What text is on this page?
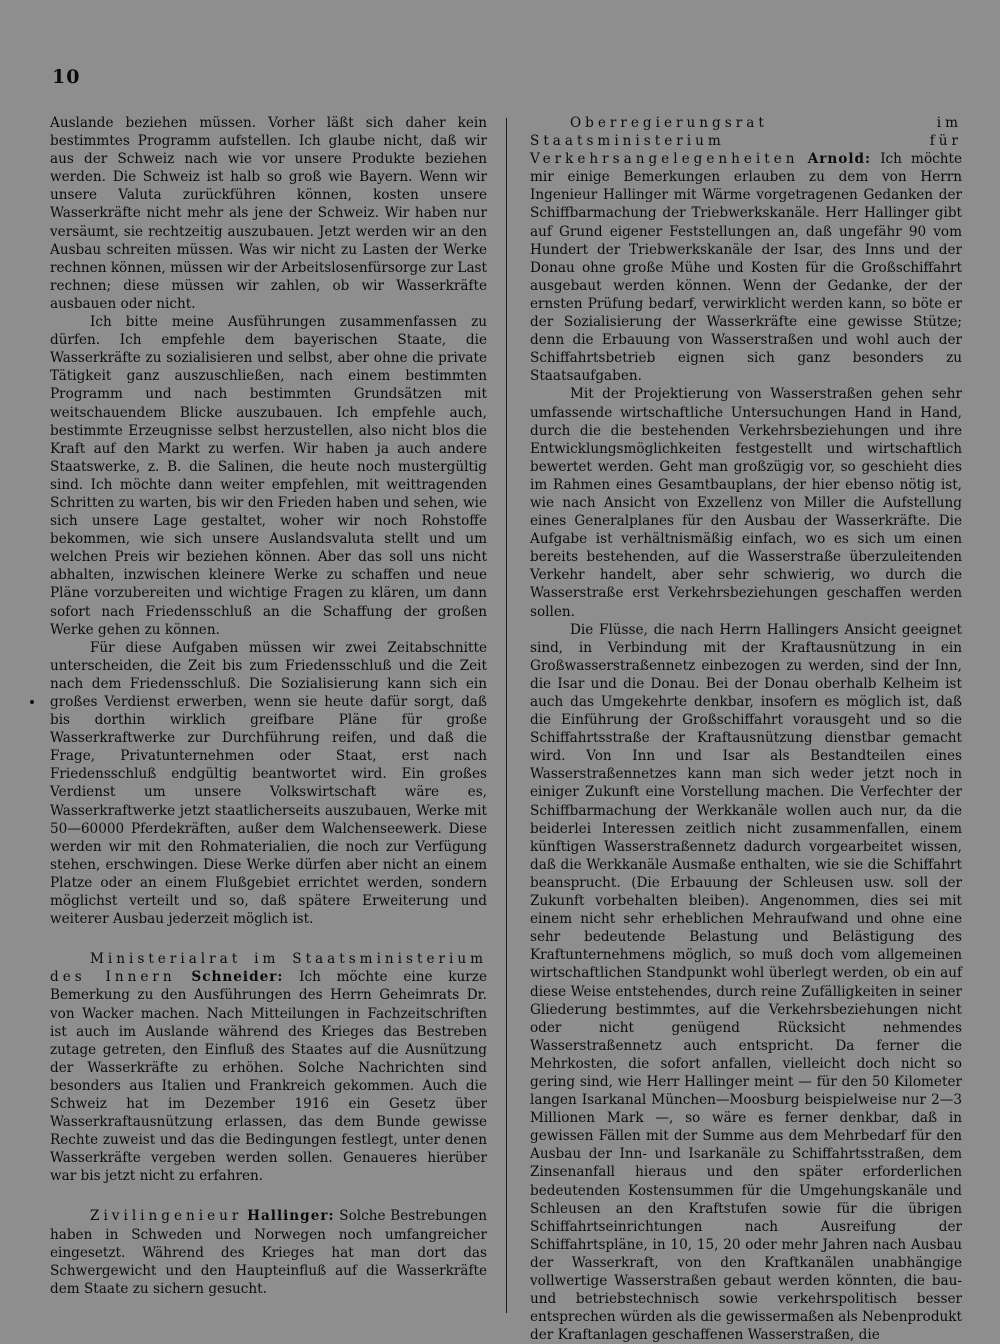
10

Auslande beziehen müssen. Vorher läßt sich daher kein bestimmtes Programm aufstellen. Ich glaube nicht, daß wir aus der Schweiz nach wie vor unsere Produkte beziehen werden. Die Schweiz ist halb so groß wie Bayern. Wenn wir unsere Valuta zurückführen können, kosten unsere Wasserkräfte nicht mehr als jene der Schweiz. Wir haben nur versäumt, sie rechtzeitig auszubauen. Jetzt werden wir an den Ausbau schreiten müssen. Was wir nicht zu Lasten der Werke rechnen können, müssen wir der Arbeitslosenfürsorge zur Last rechnen; diese müssen wir zahlen, ob wir Wasserkräfte ausbauen oder nicht.

Ich bitte meine Ausführungen zusammenfassen zu dürfen. Ich empfehle dem bayerischen Staate, die Wasserkräfte zu sozialisieren und selbst, aber ohne die private Tätigkeit ganz auszuschließen, nach einem bestimmten Programm und nach bestimmten Grundsätzen mit weitschauendem Blicke auszubauen. Ich empfehle auch, bestimmte Erzeugnisse selbst herzustellen, also nicht blos die Kraft auf den Markt zu werfen. Wir haben ja auch andere Staatswerke, z. B. die Salinen, die heute noch mustergültig sind. Ich möchte dann weiter empfehlen, mit weittragenden Schritten zu warten, bis wir den Frieden haben und sehen, wie sich unsere Lage gestaltet, woher wir noch Rohstoffe bekommen, wie sich unsere Auslandsvaluta stellt und um welchen Preis wir beziehen können. Aber das soll uns nicht abhalten, inzwischen kleinere Werke zu schaffen und neue Pläne vorzubereiten und wichtige Fragen zu klären, um dann sofort nach Friedensschluß an die Schaffung der großen Werke gehen zu können.

Für diese Aufgaben müssen wir zwei Zeitabschnitte unterscheiden, die Zeit bis zum Friedensschluß und die Zeit nach dem Friedensschluß. Die Sozialisierung kann sich ein großes Verdienst erwerben, wenn sie heute dafür sorgt, daß bis dorthin wirklich greifbare Pläne für große Wasserkraftwerke zur Durchführung reifen, und daß die Frage, Privatunternehmen oder Staat, erst nach Friedensschluß endgültig beantwortet wird. Ein großes Verdienst um unsere Volkswirtschaft wäre es, Wasserkraftwerke jetzt staatlicherseits auszubauen, Werke mit 50—60000 Pferdekräften, außer dem Walchenseewerk. Diese werden wir mit den Rohmaterialien, die noch zur Verfügung stehen, erschwingen. Diese Werke dürfen aber nicht an einem Platze oder an einem Flußgebiet errichtet werden, sondern möglichst verteilt und so, daß spätere Erweiterung und weiterer Ausbau jederzeit möglich ist.

Ministerialrat im Staatsministerium des Innern Schneider: Ich möchte eine kurze Bemerkung zu den Ausführungen des Herrn Geheimrats Dr. von Wacker machen. Nach Mitteilungen in Fachzeitschriften ist auch im Auslande während des Krieges das Bestreben zutage getreten, den Einfluß des Staates auf die Ausnützung der Wasserkräfte zu erhöhen. Solche Nachrichten sind besonders aus Italien und Frankreich gekommen. Auch die Schweiz hat im Dezember 1916 ein Gesetz über Wasserkraftausnützung erlassen, das dem Bunde gewisse Rechte zuweist und das die Bedingungen festlegt, unter denen Wasserkräfte vergeben werden sollen. Genaueres hierüber war bis jetzt nicht zu erfahren.

Zivilingenieur Hallinger: Solche Bestrebungen haben in Schweden und Norwegen noch umfangreicher eingesetzt. Während des Krieges hat man dort das Schwergewicht und den Haupteinfluß auf die Wasserkräfte dem Staate zu sichern gesucht.

Oberregierungsrat im Staatsministerium für Verkehrsangelegenheiten Arnold: Ich möchte mir einige Bemerkungen erlauben zu dem von Herrn Ingenieur Hallinger mit Wärme vorgetragenen Gedanken der Schiffbarmachung der Triebwerkskanäle. Herr Hallinger gibt auf Grund eigener Feststellungen an, daß ungefähr 90 vom Hundert der Triebwerkskanäle der Isar, des Inns und der Donau ohne große Mühe und Kosten für die Großschiffahrt ausgebaut werden können. Wenn der Gedanke, der der ernsten Prüfung bedarf, verwirklicht werden kann, so böte er der Sozialisierung der Wasserkräfte eine gewisse Stütze; denn die Erbauung von Wasserstraßen und wohl auch der Schiffahrtsbetrieb eignen sich ganz besonders zu Staatsaufgaben.

Mit der Projektierung von Wasserstraßen gehen sehr umfassende wirtschaftliche Untersuchungen Hand in Hand, durch die die bestehenden Verkehrsbeziehungen und ihre Entwicklungsmöglichkeiten festgestellt und wirtschaftlich bewertet werden. Geht man großzügig vor, so geschieht dies im Rahmen eines Gesamtbauplans, der hier ebenso nötig ist, wie nach Ansicht von Exzellenz von Miller die Aufstellung eines Generalplanes für den Ausbau der Wasserkräfte. Die Aufgabe ist verhältnismäßig einfach, wo es sich um einen bereits bestehenden, auf die Wasserstraße überzuleitenden Verkehr handelt, aber sehr schwierig, wo durch die Wasserstraße erst Verkehrsbeziehungen geschaffen werden sollen.

Die Flüsse, die nach Herrn Hallingers Ansicht geeignet sind, in Verbindung mit der Kraftausnützung in ein Großwasserstraßennetz einbezogen zu werden, sind der Inn, die Isar und die Donau. Bei der Donau oberhalb Kelheim ist auch das Umgekehrte denkbar, insofern es möglich ist, daß die Einführung der Großschiffahrt vorausgeht und so die Schiffahrtsstraße der Kraftausnützung dienstbar gemacht wird. Von Inn und Isar als Bestandteilen eines Wasserstraßennetzes kann man sich weder jetzt noch in einiger Zukunft eine Vorstellung machen. Die Verfechter der Schiffbarmachung der Werkkanäle wollen auch nur, da die beiderlei Interessen zeitlich nicht zusammenfallen, einem künftigen Wasserstraßennetz dadurch vorgearbeitet wissen, daß die Werkkanäle Ausmaße enthalten, wie sie die Schiffahrt beansprucht. (Die Erbauung der Schleusen usw. soll der Zukunft vorbehalten bleiben). Angenommen, dies sei mit einem nicht sehr erheblichen Mehraufwand und ohne eine sehr bedeutende Belastung und Belästigung des Kraftunternehmens möglich, so muß doch vom allgemeinen wirtschaftlichen Standpunkt wohl überlegt werden, ob ein auf diese Weise entstehendes, durch reine Zufälligkeiten in seiner Gliederung bestimmtes, auf die Verkehrsbeziehungen nicht oder nicht genügend Rücksicht nehmendes Wasserstraßennetz auch entspricht. Da ferner die Mehrkosten, die sofort anfallen, vielleicht doch nicht so gering sind, wie Herr Hallinger meint — für den 50 Kilometer langen Isarkanal München—Moosburg beispielweise nur 2—3 Millionen Mark —, so wäre es ferner denkbar, daß in gewissen Fällen mit der Summe aus dem Mehrbedarf für den Ausbau der Inn- und Isarkanäle zu Schiffahrtsstraßen, dem Zinsenanfall hieraus und den später erforderlichen bedeutenden Kostensummen für die Umgehungskanäle und Schleusen an den Kraftstufen sowie für die übrigen Schiffahrtseinrichtungen nach Ausreifung der Schiffahrtspläne, in 10, 15, 20 oder mehr Jahren nach Ausbau der Wasserkraft, von den Kraftkanälen unabhängige vollwertige Wasserstraßen gebaut werden könnten, die bau- und betriebstechnisch sowie verkehrspolitisch besser entsprechen würden als die gewissermaßen als Nebenprodukt der Kraftanlagen geschaffenen Wasserstraßen, die
